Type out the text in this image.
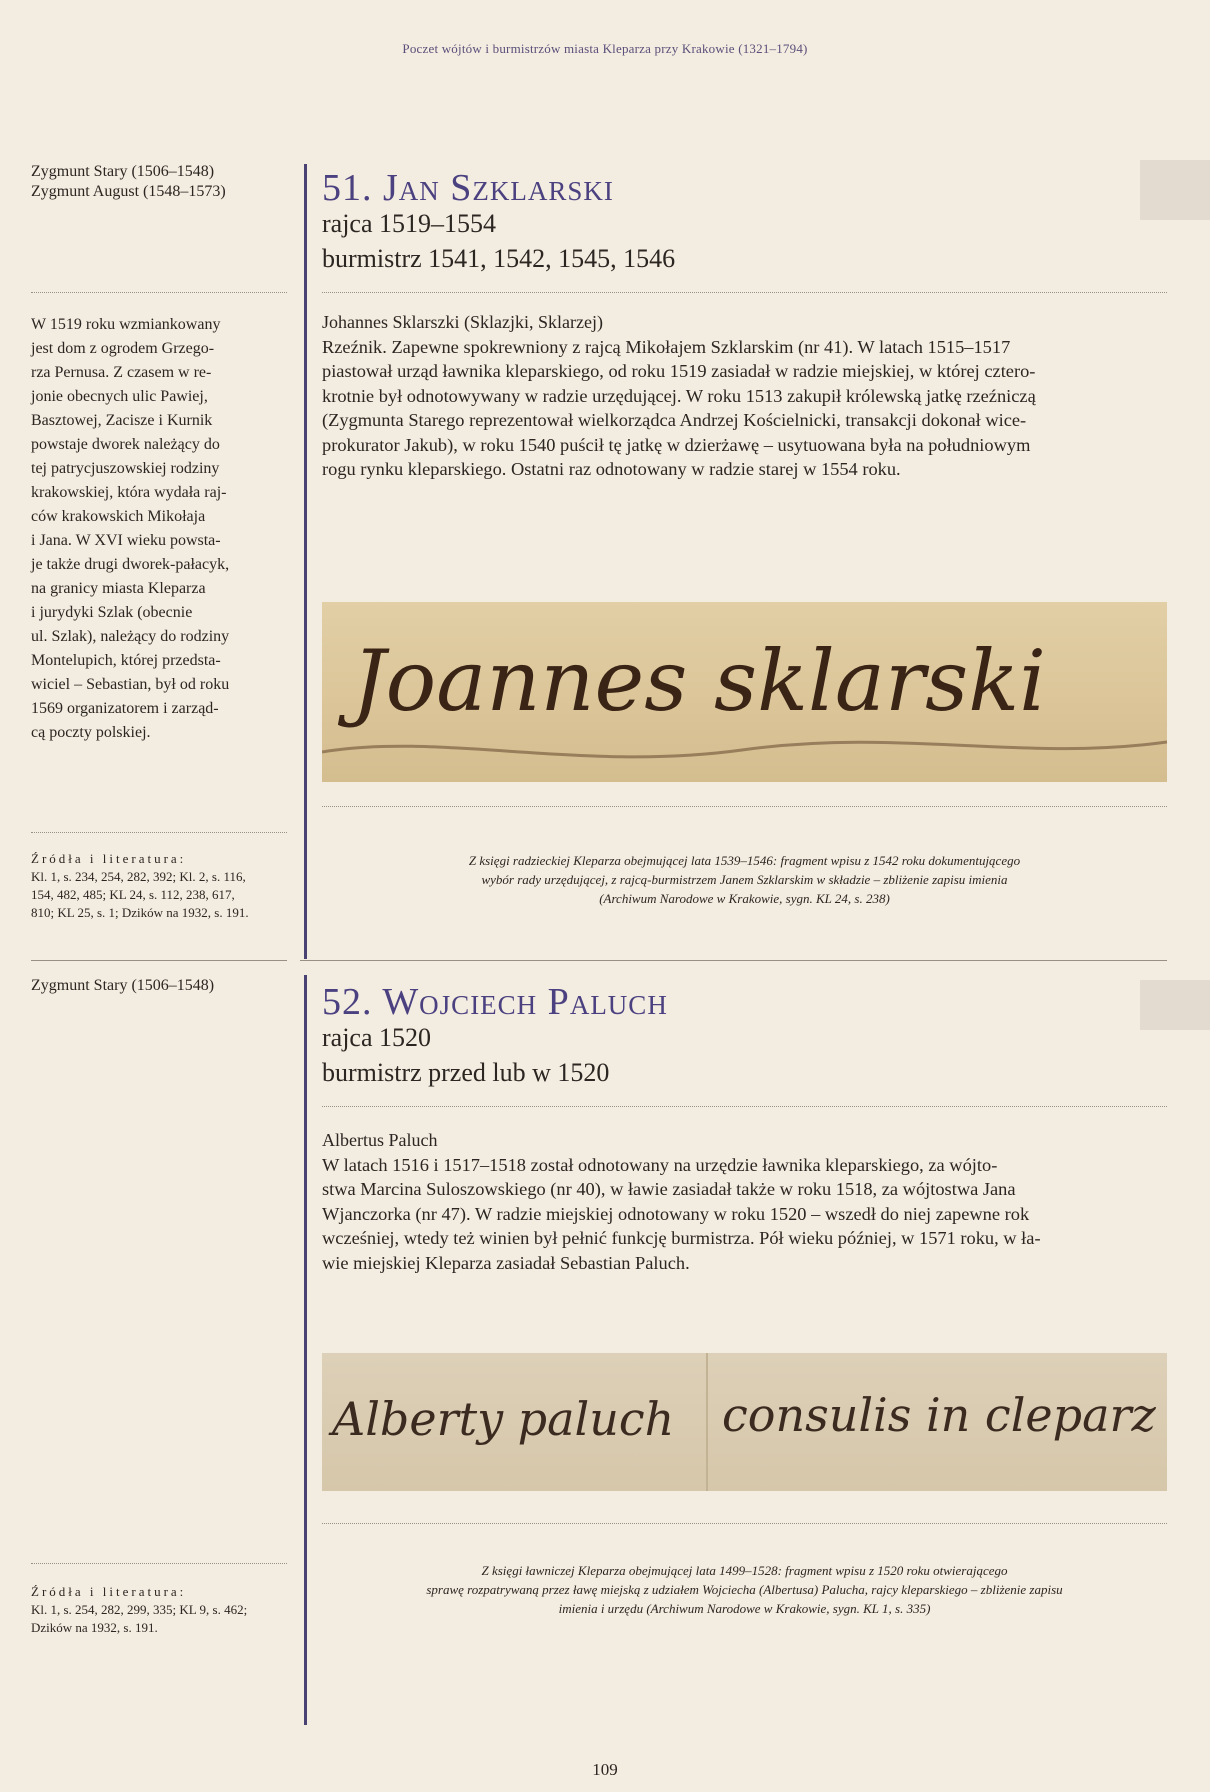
Poczet wójtów i burmistrzów miasta Kleparza przy Krakowie (1321–1794)
Zygmunt Stary (1506–1548)
Zygmunt August (1548–1573)
W 1519 roku wzmiankowany
jest dom z ogrodem Grzego-
rza Pernusa. Z czasem w re-
jonie obecnych ulic Pawiej,
Basztowej, Zacisze i Kurnik
powstaje dworek należący do
tej patrycjuszowskiej rodziny
krakowskiej, która wydała raj-
ców krakowskich Mikołaja
i Jana. W XVI wieku powsta-
je także drugi dworek-pałacyk,
na granicy miasta Kleparza
i jurydyki Szlak (obecnie
ul. Szlak), należący do rodziny
Montelupich, której przedsta-
wiciel – Sebastian, był od roku
1569 organizatorem i zarząd-
cą poczty polskiej.
Źródła i literatura:
Kl. 1, s. 234, 254, 282, 392; Kl. 2, s. 116,
154, 482, 485; KL 24, s. 112, 238, 617,
810; KL 25, s. 1; Dzików na 1932, s. 191.
Zygmunt Stary (1506–1548)
Źródła i literatura:
Kl. 1, s. 254, 282, 299, 335; KL 9, s. 462;
Dzików na 1932, s. 191.
51. Jan Szklarski
rajca 1519–1554
burmistrz 1541, 1542, 1545, 1546
Johannes Sklarszki (Sklazjki, Sklarzej)
Rzeźnik. Zapewne spokrewniony z rajcą Mikołajem Szklarskim (nr 41). W latach 1515–1517
piastował urząd ławnika kleparskiego, od roku 1519 zasiadał w radzie miejskiej, w której cztero-
krotnie był odnotowywany w radzie urzędującej. W roku 1513 zakupił królewską jatkę rzeźniczą
(Zygmunta Starego reprezentował wielkorządca Andrzej Kościelnicki, transakcji dokonał wice-
prokurator Jakub), w roku 1540 puścił tę jatkę w dzierżawę – usytuowana była na południowym
rogu rynku kleparskiego. Ostatni raz odnotowany w radzie starej w 1554 roku.
Joannes sklarski
Z księgi radzieckiej Kleparza obejmującej lata 1539–1546: fragment wpisu z 1542 roku dokumentującego
wybór rady urzędującej, z rajcą-burmistrzem Janem Szklarskim w składzie – zbliżenie zapisu imienia
(Archiwum Narodowe w Krakowie, sygn. KL 24, s. 238)
52. Wojciech Paluch
rajca 1520
burmistrz przed lub w 1520
Albertus Paluch
W latach 1516 i 1517–1518 został odnotowany na urzędzie ławnika kleparskiego, za wójto-
stwa Marcina Suloszowskiego (nr 40), w ławie zasiadał także w roku 1518, za wójtostwa Jana
Wjanczorka (nr 47). W radzie miejskiej odnotowany w roku 1520 – wszedł do niej zapewne rok
wcześniej, wtedy też winien był pełnić funkcję burmistrza. Pół wieku później, w 1571 roku, w ła-
wie miejskiej Kleparza zasiadał Sebastian Paluch.
Alberty paluch consulis in cleparz
Z księgi ławniczej Kleparza obejmującej lata 1499–1528: fragment wpisu z 1520 roku otwierającego
sprawę rozpatrywaną przez ławę miejską z udziałem Wojciecha (Albertusa) Palucha, rajcy kleparskiego – zbliżenie zapisu
imienia i urzędu (Archiwum Narodowe w Krakowie, sygn. KL 1, s. 335)
109
